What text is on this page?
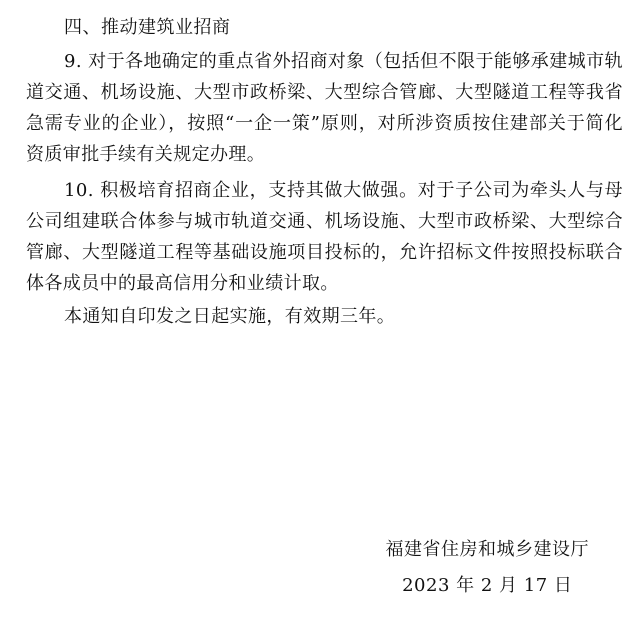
四、推动建筑业招商

9. 对于各地确定的重点省外招商对象（包括但不限于能够承建城市轨道交通、机场设施、大型市政桥梁、大型综合管廊、大型隧道工程等我省急需专业的企业），按照“一企一策”原则，对所涉资质按住建部关于简化资质审批手续有关规定办理。

10. 积极培育招商企业，支持其做大做强。对于子公司为牵头人与母公司组建联合体参与城市轨道交通、机场设施、大型市政桥梁、大型综合管廊、大型隧道工程等基础设施项目投标的，允许招标文件按照投标联合体各成员中的最高信用分和业绩计取。

本通知自印发之日起实施，有效期三年。

福建省住房和城乡建设厅
2023 年 2 月 17 日
